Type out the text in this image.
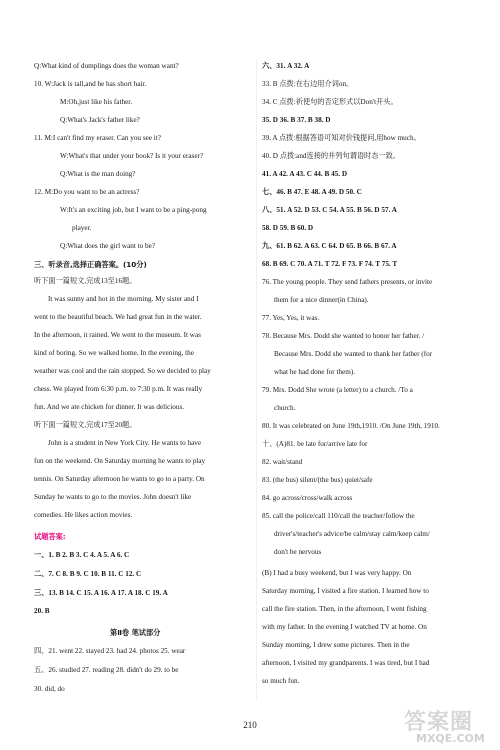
Q:What kind of dumplings does the woman want?
10. W:Jack is tall,and he has short hair.
M:Oh,just like his father.
Q:What's Jack's father like?
11. M:I can't find my eraser. Can you see it?
W:What's that under your book? Is it your eraser?
Q:What is the man doing?
12. M:Do you want to be an actress?
W:It's an exciting job, but I want to be a ping-pong
player.
Q:What does the girl want to be?
三、听录音,选择正确答案。(10分)
听下面一篇短文,完成13至16题。
It was sunny and hot in the morning. My sister and I
went to the beautiful beach. We had great fun in the water.
In the afternoon, it rained. We went to the museum. It was
kind of boring. So we walked home. In the evening, the
weather was cool and the rain stopped. So we decided to play
chess. We played from 6:30 p.m. to 7:30 p.m. It was really
fun. And we ate chicken for dinner. It was delicious.
听下面一篇短文,完成17至20题。
John is a student in New York City. He wants to have
fun on the weekend. On Saturday morning he wants to play
tennis. On Saturday afternoon he wants to go to a party. On
Sunday he wants to go to the movies. John doesn't like
comedies. He likes action movies.
试题答案:
一、1. B 2. B 3. C 4. A 5. A 6. C
二、7. C 8. B 9. C 10. B 11. C 12. C
三、13. B 14. C 15. A 16. A 17. A 18. C 19. A
20. B
第Ⅱ卷 笔试部分
四、21. went 22. stayed 23. had 24. photos 25. wear
五、26. studied 27. reading 28. didn't do 29. to be
30. did, do
六、31. A 32. A
33. B 点拨:在右边用介词on。
34. C 点拨:祈使句的否定形式以Don't开头。
35. D 36. B 37. B 38. D
39. A 点拨:根据答语可知对价钱提问,用how much。
40. D 点拨:and连接的并列句谓语时态一致。
41. A 42. A 43. C 44. B 45. D
七、46. B 47. E 48. A 49. D 50. C
八、51. A 52. D 53. C 54. A 55. B 56. D 57. A
58. D 59. B 60. D
九、61. B 62. A 63. C 64. D 65. B 66. B 67. A
68. B 69. C 70. A 71. T 72. F 73. F 74. T 75. T
76. The young people. They send fathers presents, or invite
them for a nice dinner(in China).
77. Yes, Yes, it was.
78. Because Mrs. Dodd she wanted to honor her father. /
Because Mrs. Dodd she wanted to thank her father (for
what he had done for them).
79. Mrs. Dodd She wrote (a letter) to a church. /To a
church.
80. It was celebrated on June 19th,1910. /On June 19th, 1910.
十、(A)81. be late for/arrive late for
82. wait/stand
83. (the bus) silent/(the bus) quiet/safe
84. go across/cross/walk across
85. call the police/call 110/call the teacher/follow the
driver's/teacher's advice/be calm/stay calm/keep calm/
don't be nervous
(B) I had a busy weekend, but I was very happy. On
Saturday morning, I visited a fire station. I learned how to
call the fire station. Then, in the afternoon, I went fishing
with my father. In the evening I watched TV at home. On
Sunday morning, I drew some pictures. Then in the
afternoon, I visited my grandparents. I was tired, but I had
so much fun.
210	答案圈
MXQE.COM
